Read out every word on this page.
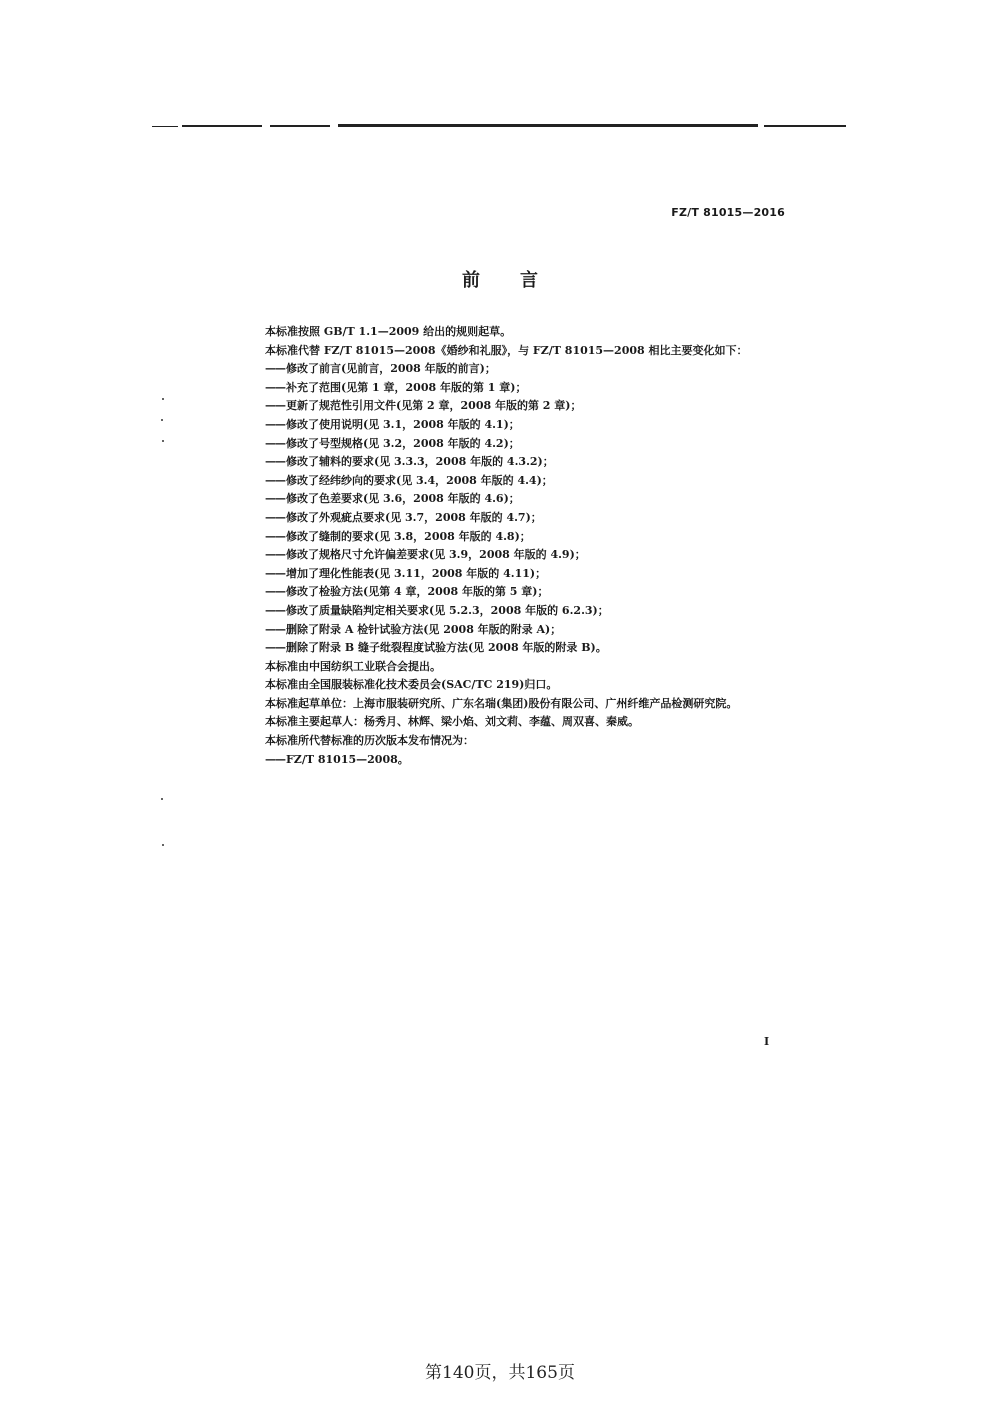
FZ/T 81015—2016
前言
本标准按照 GB/T 1.1—2009 给出的规则起草。
本标准代替 FZ/T 81015—2008《婚纱和礼服》，与 FZ/T 81015—2008 相比主要变化如下：
——修改了前言(见前言，2008 年版的前言)；
——补充了范围(见第 1 章，2008 年版的第 1 章)；
——更新了规范性引用文件(见第 2 章，2008 年版的第 2 章)；
——修改了使用说明(见 3.1，2008 年版的 4.1)；
——修改了号型规格(见 3.2，2008 年版的 4.2)；
——修改了辅料的要求(见 3.3.3，2008 年版的 4.3.2)；
——修改了经纬纱向的要求(见 3.4，2008 年版的 4.4)；
——修改了色差要求(见 3.6，2008 年版的 4.6)；
——修改了外观疵点要求(见 3.7，2008 年版的 4.7)；
——修改了缝制的要求(见 3.8，2008 年版的 4.8)；
——修改了规格尺寸允许偏差要求(见 3.9，2008 年版的 4.9)；
——增加了理化性能表(见 3.11，2008 年版的 4.11)；
——修改了检验方法(见第 4 章，2008 年版的第 5 章)；
——修改了质量缺陷判定相关要求(见 5.2.3，2008 年版的 6.2.3)；
——删除了附录 A 检针试验方法(见 2008 年版的附录 A)；
——删除了附录 B 缝子纰裂程度试验方法(见 2008 年版的附录 B)。
本标准由中国纺织工业联合会提出。
本标准由全国服装标准化技术委员会(SAC/TC 219)归口。
本标准起草单位：上海市服装研究所、广东名瑞(集团)股份有限公司、广州纤维产品检测研究院。
本标准主要起草人：杨秀月、林辉、梁小焰、刘文莉、李蕴、周双喜、秦威。
本标准所代替标准的历次版本发布情况为：
——FZ/T 81015—2008。
I
第140页，共165页
